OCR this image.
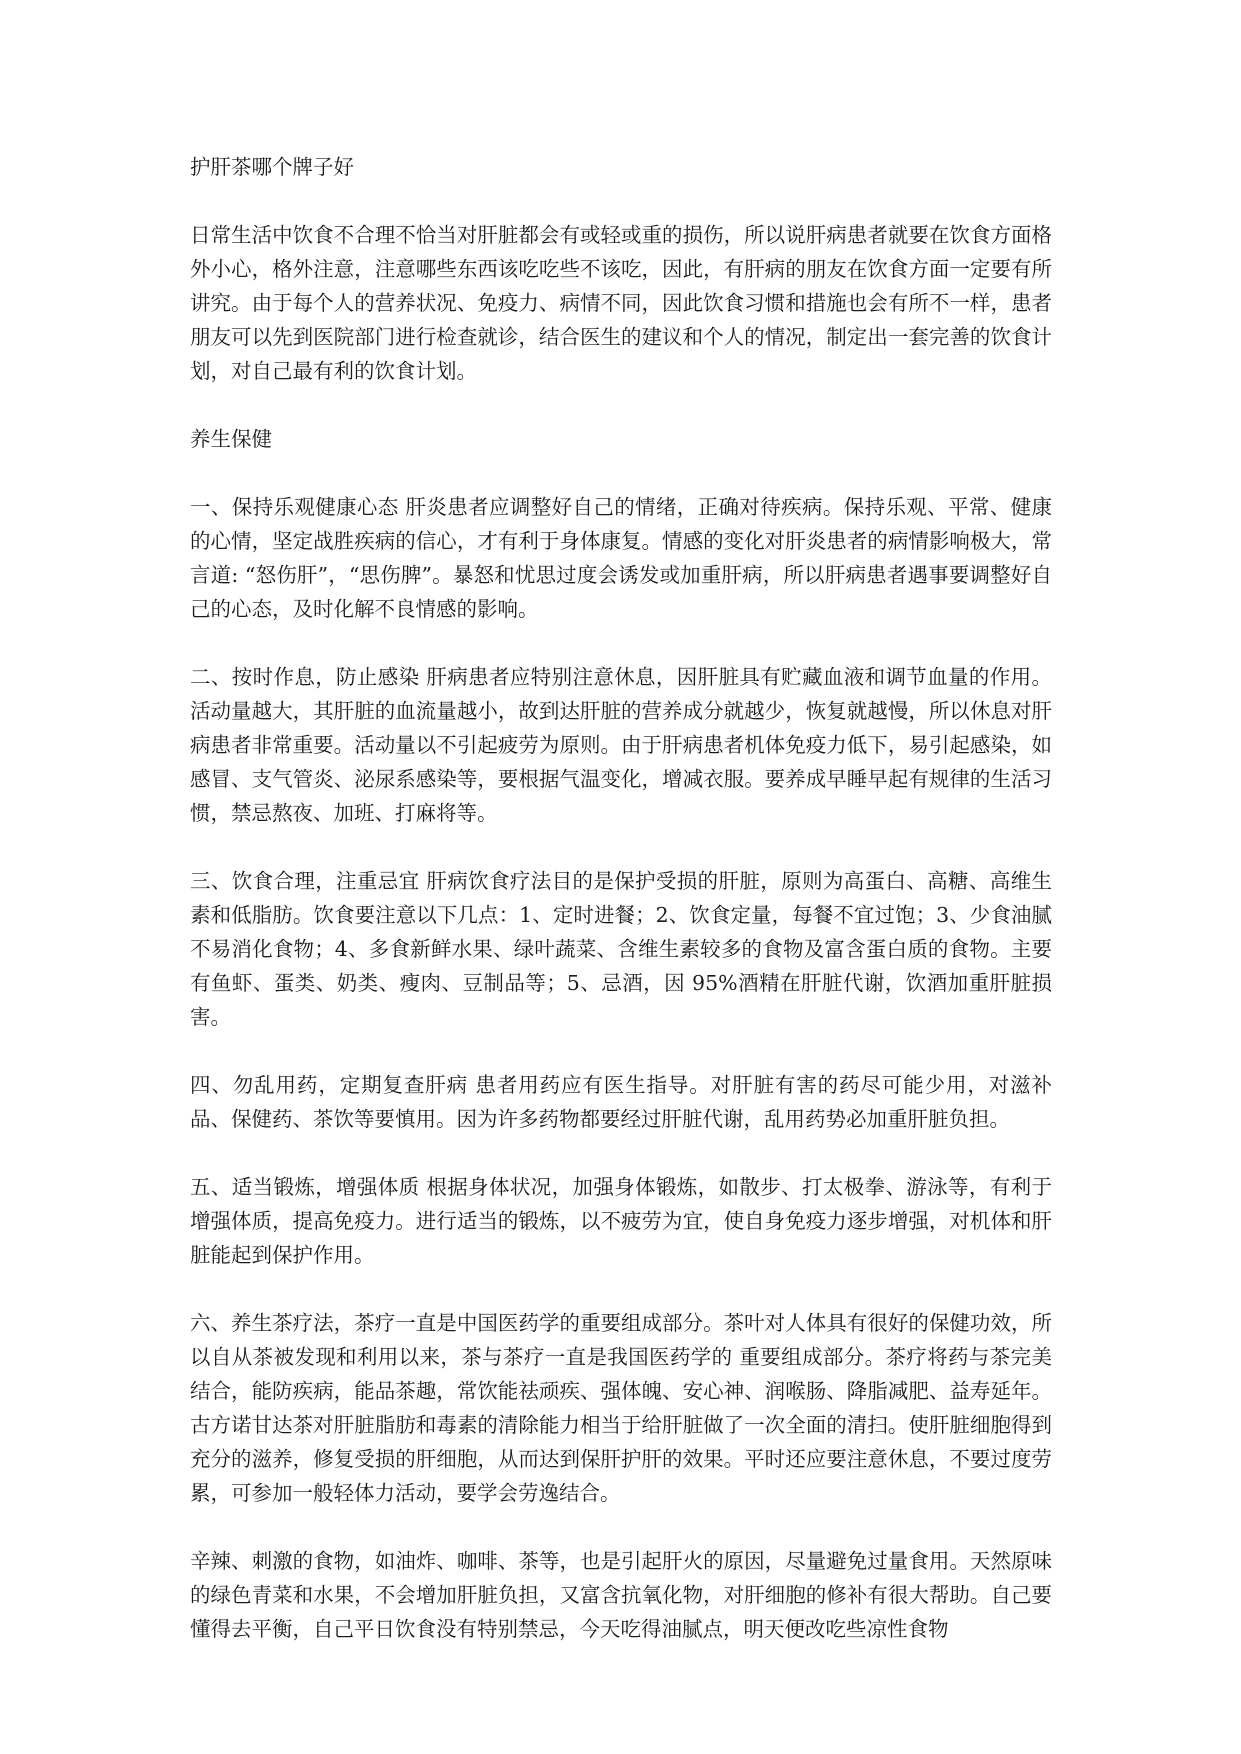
护肝茶哪个牌子好

日常生活中饮食不合理不恰当对肝脏都会有或轻或重的损伤，所以说肝病患者就要在饮食方面格外小心，格外注意，注意哪些东西该吃吃些不该吃，因此，有肝病的朋友在饮食方面一定要有所讲究。由于每个人的营养状况、免疫力、病情不同，因此饮食习惯和措施也会有所不一样，患者朋友可以先到医院部门进行检查就诊，结合医生的建议和个人的情况，制定出一套完善的饮食计划，对自己最有利的饮食计划。

养生保健

一、保持乐观健康心态 肝炎患者应调整好自己的情绪，正确对待疾病。保持乐观、平常、健康的心情，坚定战胜疾病的信心，才有利于身体康复。情感的变化对肝炎患者的病情影响极大，常言道: “怒伤肝”，“思伤脾”。暴怒和忧思过度会诱发或加重肝病，所以肝病患者遇事要调整好自己的心态，及时化解不良情感的影响。

二、按时作息，防止感染 肝病患者应特别注意休息，因肝脏具有贮藏血液和调节血量的作用。活动量越大，其肝脏的血流量越小，故到达肝脏的营养成分就越少，恢复就越慢，所以休息对肝病患者非常重要。活动量以不引起疲劳为原则。由于肝病患者机体免疫力低下，易引起感染，如感冒、支气管炎、泌尿系感染等，要根据气温变化，增减衣服。要养成早睡早起有规律的生活习惯，禁忌熬夜、加班、打麻将等。

三、饮食合理，注重忌宜 肝病饮食疗法目的是保护受损的肝脏，原则为高蛋白、高糖、高维生素和低脂肪。饮食要注意以下几点：1、定时进餐；2、饮食定量，每餐不宜过饱；3、少食油腻不易消化食物；4、多食新鲜水果、绿叶蔬菜、含维生素较多的食物及富含蛋白质的食物。主要有鱼虾、蛋类、奶类、瘦肉、豆制品等；5、忌酒，因 95%酒精在肝脏代谢，饮酒加重肝脏损害。

四、勿乱用药，定期复查肝病 患者用药应有医生指导。对肝脏有害的药尽可能少用，对滋补品、保健药、茶饮等要慎用。因为许多药物都要经过肝脏代谢，乱用药势必加重肝脏负担。

五、适当锻炼，增强体质 根据身体状况，加强身体锻炼，如散步、打太极拳、游泳等，有利于增强体质，提高免疫力。进行适当的锻炼，以不疲劳为宜，使自身免疫力逐步增强，对机体和肝脏能起到保护作用。

六、养生茶疗法，茶疗一直是中国医药学的重要组成部分。茶叶对人体具有很好的保健功效，所以自从茶被发现和利用以来，茶与茶疗一直是我国医药学的 重要组成部分。茶疗将药与茶完美结合，能防疾病，能品茶趣，常饮能祛顽疾、强体魄、安心神、润喉肠、降脂减肥、益寿延年。古方诺甘达茶对肝脏脂肪和毒素的清除能力相当于给肝脏做了一次全面的清扫。使肝脏细胞得到充分的滋养，修复受损的肝细胞，从而达到保肝护肝的效果。平时还应要注意休息，不要过度劳累，可参加一般轻体力活动，要学会劳逸结合。

辛辣、刺激的食物，如油炸、咖啡、茶等，也是引起肝火的原因，尽量避免过量食用。天然原味的绿色青菜和水果，不会增加肝脏负担，又富含抗氧化物，对肝细胞的修补有很大帮助。自己要懂得去平衡，自己平日饮食没有特别禁忌，今天吃得油腻点，明天便改吃些凉性食物
